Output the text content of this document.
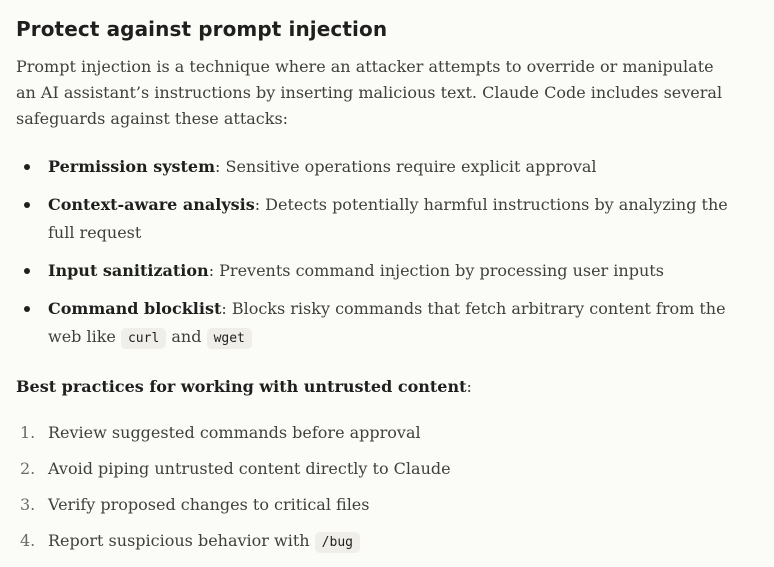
Protect against prompt injection

Prompt injection is a technique where an attacker attempts to override or manipulate an AI assistant’s instructions by inserting malicious text. Claude Code includes several safeguards against these attacks:

Permission system: Sensitive operations require explicit approval
Context-aware analysis: Detects potentially harmful instructions by analyzing the full request
Input sanitization: Prevents command injection by processing user inputs
Command blocklist: Blocks risky commands that fetch arbitrary content from the web like curl and wget

Best practices for working with untrusted content:

1. Review suggested commands before approval
2. Avoid piping untrusted content directly to Claude
3. Verify proposed changes to critical files
4. Report suspicious behavior with /bug
